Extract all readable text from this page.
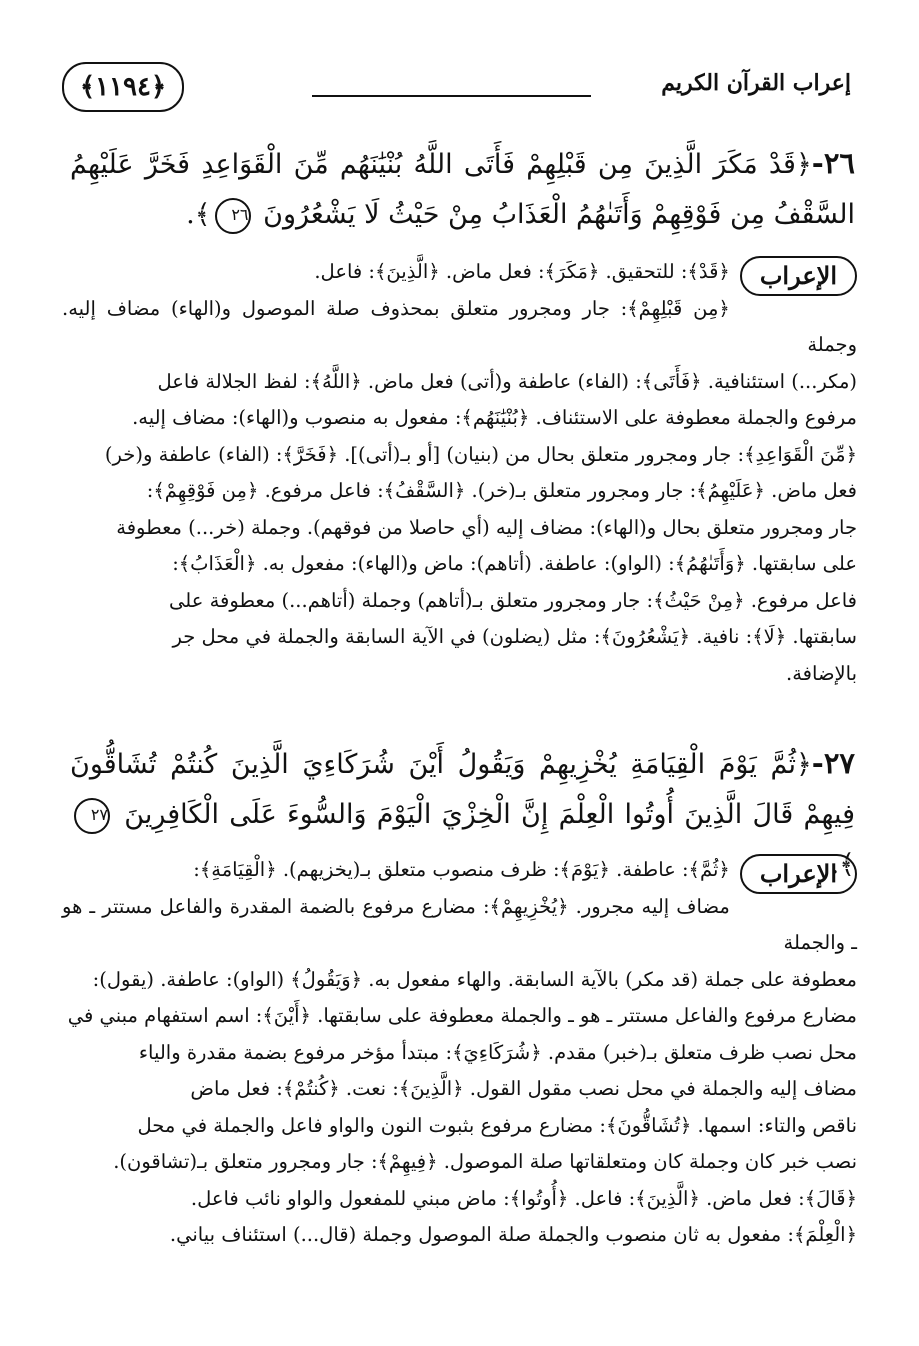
﴿١١٩٤﴾	إعراب القرآن الكريم
٢٦-﴿قَدْ مَكَرَ الَّذِينَ مِن قَبْلِهِمْ فَأَتَى اللَّهُ بُنْيَٰنَهُم مِّنَ الْقَوَاعِدِ فَخَرَّ عَلَيْهِمُ السَّقْفُ مِن فَوْقِهِمْ وَأَتَىٰهُمُ الْعَذَابُ مِنْ حَيْثُ لَا يَشْعُرُونَ ٢٦﴾.
الإعراب
﴿قَدْ﴾: للتحقيق. ﴿مَكَرَ﴾: فعل ماض. ﴿الَّذِينَ﴾: فاعل.
﴿مِن قَبْلِهِمْ﴾: جار ومجرور متعلق بمحذوف صلة الموصول و(الهاء) مضاف إليه. وجملة
(مكر...) استئنافية. ﴿فَأَتَى﴾: (الفاء) عاطفة و(أتى) فعل ماض. ﴿اللَّهُ﴾: لفظ الجلالة فاعل
مرفوع والجملة معطوفة على الاستئناف. ﴿بُنْيَٰنَهُم﴾: مفعول به منصوب و(الهاء): مضاف إليه.
﴿مِّنَ الْقَوَاعِدِ﴾: جار ومجرور متعلق بحال من (بنيان) [أو بـ(أتى)]. ﴿فَخَرَّ﴾: (الفاء) عاطفة و(خر)
فعل ماض. ﴿عَلَيْهِمُ﴾: جار ومجرور متعلق بـ(خر). ﴿السَّقْفُ﴾: فاعل مرفوع. ﴿مِن فَوْقِهِمْ﴾:
جار ومجرور متعلق بحال و(الهاء): مضاف إليه (أي حاصلا من فوقهم). وجملة (خر...) معطوفة
على سابقتها. ﴿وَأَتَىٰهُمُ﴾: (الواو): عاطفة. (أتاهم): ماض و(الهاء): مفعول به. ﴿الْعَذَابُ﴾:
فاعل مرفوع. ﴿مِنْ حَيْثُ﴾: جار ومجرور متعلق بـ(أتاهم) وجملة (أتاهم...) معطوفة على
سابقتها. ﴿لَا﴾: نافية. ﴿يَشْعُرُونَ﴾: مثل (يضلون) في الآية السابقة والجملة في محل جر
بالإضافة.
٢٧-﴿ثُمَّ يَوْمَ الْقِيَامَةِ يُخْزِيهِمْ وَيَقُولُ أَيْنَ شُرَكَاءِيَ الَّذِينَ كُنتُمْ تُشَاقُّونَ فِيهِمْ قَالَ الَّذِينَ أُوتُوا الْعِلْمَ إِنَّ الْخِزْيَ الْيَوْمَ وَالسُّوءَ عَلَى الْكَافِرِينَ ٢٧﴾.
الإعراب
﴿ثُمَّ﴾: عاطفة. ﴿يَوْمَ﴾: ظرف منصوب متعلق بـ(يخزيهم). ﴿الْقِيَامَةِ﴾:
مضاف إليه مجرور. ﴿يُخْزِيهِمْ﴾: مضارع مرفوع بالضمة المقدرة والفاعل مستتر ـ هو ـ والجملة
معطوفة على جملة (قد مكر) بالآية السابقة. والهاء مفعول به. ﴿وَيَقُولُ﴾ (الواو): عاطفة. (يقول):
مضارع مرفوع والفاعل مستتر ـ هو ـ والجملة معطوفة على سابقتها. ﴿أَيْنَ﴾: اسم استفهام مبني في
محل نصب ظرف متعلق بـ(خبر) مقدم. ﴿شُرَكَاءِيَ﴾: مبتدأ مؤخر مرفوع بضمة مقدرة والياء
مضاف إليه والجملة في محل نصب مقول القول. ﴿الَّذِينَ﴾: نعت. ﴿كُنتُمْ﴾: فعل ماض
ناقص والتاء: اسمها. ﴿تُشَاقُّونَ﴾: مضارع مرفوع بثبوت النون والواو فاعل والجملة في محل
نصب خبر كان وجملة كان ومتعلقاتها صلة الموصول. ﴿فِيهِمْ﴾: جار ومجرور متعلق بـ(تشاقون).
﴿قَالَ﴾: فعل ماض. ﴿الَّذِينَ﴾: فاعل. ﴿أُوتُوا﴾: ماض مبني للمفعول والواو نائب فاعل.
﴿الْعِلْمَ﴾: مفعول به ثان منصوب والجملة صلة الموصول وجملة (قال...) استئناف بياني.
